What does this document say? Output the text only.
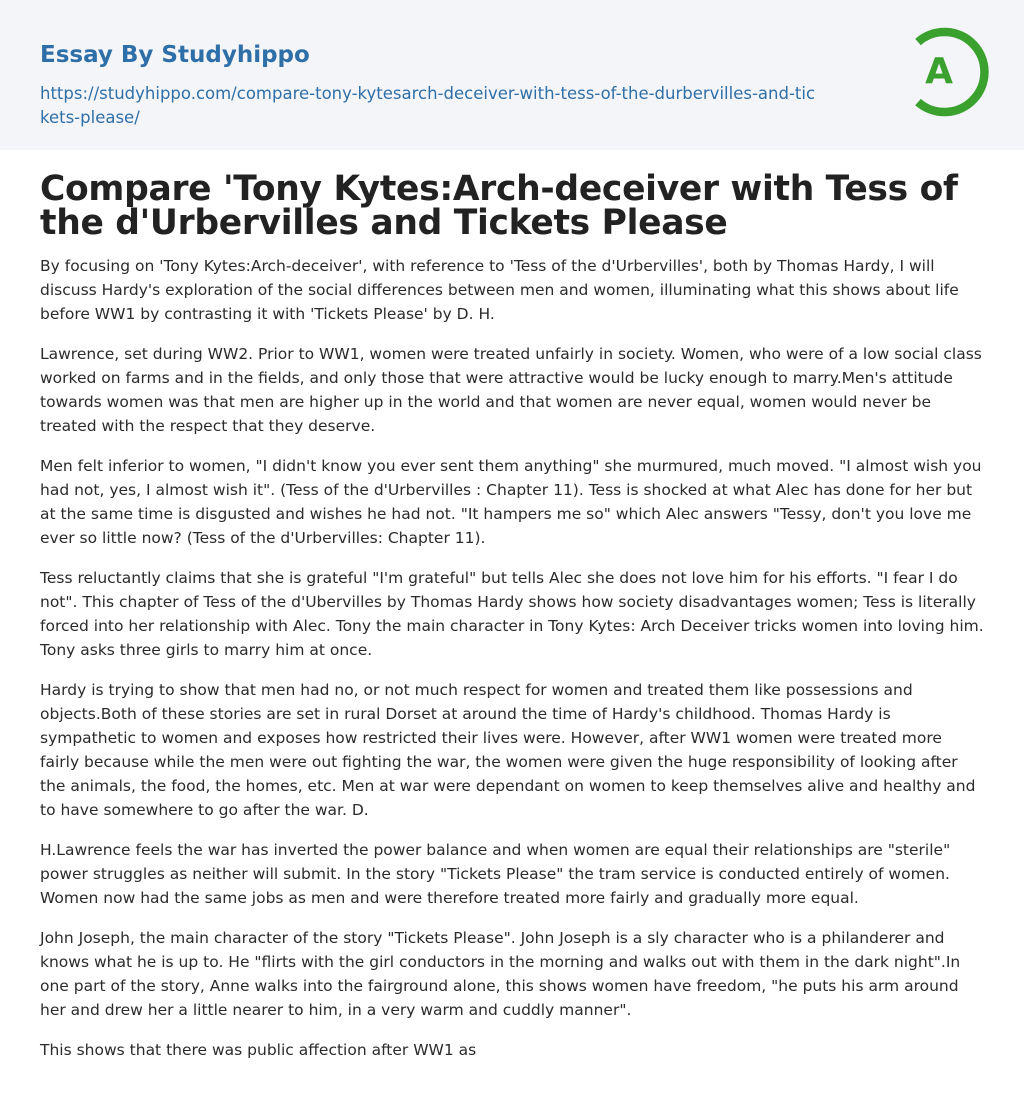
Essay By Studyhippo
https://studyhippo.com/compare-tony-kytesarch-deceiver-with-tess-of-the-durbervilles-and-tickets-please/
A
Compare 'Tony Kytes:Arch-deceiver with Tess of the d'Urbervilles and Tickets Please

By focusing on 'Tony Kytes:Arch-deceiver', with reference to 'Tess of the d'Urbervilles', both by Thomas Hardy, I will discuss Hardy's exploration of the social differences between men and women, illuminating what this shows about life before WW1 by contrasting it with 'Tickets Please' by D. H.

Lawrence, set during WW2. Prior to WW1, women were treated unfairly in society. Women, who were of a low social class worked on farms and in the fields, and only those that were attractive would be lucky enough to marry.Men's attitude towards women was that men are higher up in the world and that women are never equal, women would never be treated with the respect that they deserve.

Men felt inferior to women, "I didn't know you ever sent them anything" she murmured, much moved. "I almost wish you had not, yes, I almost wish it". (Tess of the d'Urbervilles : Chapter 11). Tess is shocked at what Alec has done for her but at the same time is disgusted and wishes he had not. "It hampers me so" which Alec answers "Tessy, don't you love me ever so little now? (Tess of the d'Urbervilles: Chapter 11).

Tess reluctantly claims that she is grateful "I'm grateful" but tells Alec she does not love him for his efforts. "I fear I do not". This chapter of Tess of the d'Ubervilles by Thomas Hardy shows how society disadvantages women; Tess is literally forced into her relationship with Alec. Tony the main character in Tony Kytes: Arch Deceiver tricks women into loving him. Tony asks three girls to marry him at once.

Hardy is trying to show that men had no, or not much respect for women and treated them like possessions and objects.Both of these stories are set in rural Dorset at around the time of Hardy's childhood. Thomas Hardy is sympathetic to women and exposes how restricted their lives were. However, after WW1 women were treated more fairly because while the men were out fighting the war, the women were given the huge responsibility of looking after the animals, the food, the homes, etc. Men at war were dependant on women to keep themselves alive and healthy and to have somewhere to go after the war. D.

H.Lawrence feels the war has inverted the power balance and when women are equal their relationships are "sterile" power struggles as neither will submit. In the story "Tickets Please" the tram service is conducted entirely of women. Women now had the same jobs as men and were therefore treated more fairly and gradually more equal.

John Joseph, the main character of the story "Tickets Please". John Joseph is a sly character who is a philanderer and knows what he is up to. He "flirts with the girl conductors in the morning and walks out with them in the dark night".In one part of the story, Anne walks into the fairground alone, this shows women have freedom, "he puts his arm around her and drew her a little nearer to him, in a very warm and cuddly manner".

This shows that there was public affection after WW1 as
